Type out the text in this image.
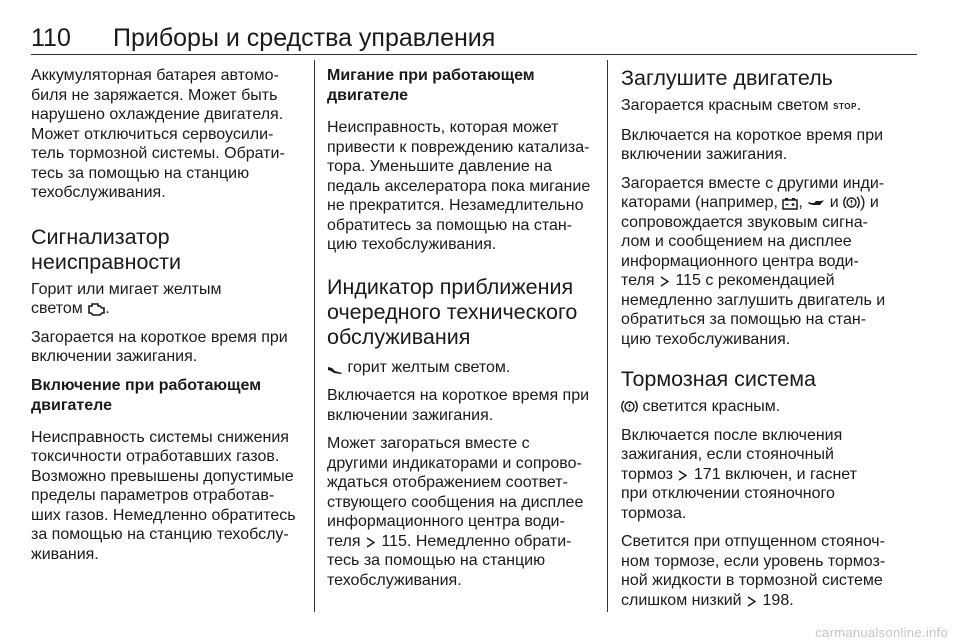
110 Приборы и средства управления

Аккумуляторная батарея автомо-
биля не заряжается. Может быть
нарушено охлаждение двигателя.
Может отключиться сервоусили-
тель тормозной системы. Обрати-
тесь за помощью на станцию
техобслуживания.

Сигнализатор
неисправности

Горит или мигает желтым
светом .

Загорается на короткое время при
включении зажигания.

Включение при работающем
двигателе

Неисправность системы снижения
токсичности отработавших газов.
Возможно превышены допустимые
пределы параметров отработав-
ших газов. Немедленно обратитесь
за помощью на станцию техобслу-
живания.

Мигание при работающем
двигателе

Неисправность, которая может
привести к повреждению катализа-
тора. Уменьшите давление на
педаль акселератора пока мигание
не прекратится. Незамедлительно
обратитесь за помощью на стан-
цию техобслуживания.

Индикатор приближения
очередного технического
обслуживания

горит желтым светом.

Включается на короткое время при
включении зажигания.

Может загораться вместе с
другими индикаторами и сопрово-
ждаться отображением соответ-
ствующего сообщения на дисплее
информационного центра води-
теля 115. Немедленно обрати-
тесь за помощью на станцию
техобслуживания.

Заглушите двигатель

Загорается красным светом STOP.

Включается на короткое время при
включении зажигания.

Загорается вместе с другими инди-
каторами (например, , и ) и
сопровождается звуковым сигна-
лом и сообщением на дисплее
информационного центра води-
теля 115 с рекомендацией
немедленно заглушить двигатель и
обратиться за помощью на стан-
цию техобслуживания.

Тормозная система

светится красным.

Включается после включения
зажигания, если стояночный
тормоз 171 включен, и гаснет
при отключении стояночного
тормоза.

Светится при отпущенном стояноч-
ном тормозе, если уровень тормоз-
ной жидкости в тормозной системе
слишком низкий 198.

carmanualsonline.info
